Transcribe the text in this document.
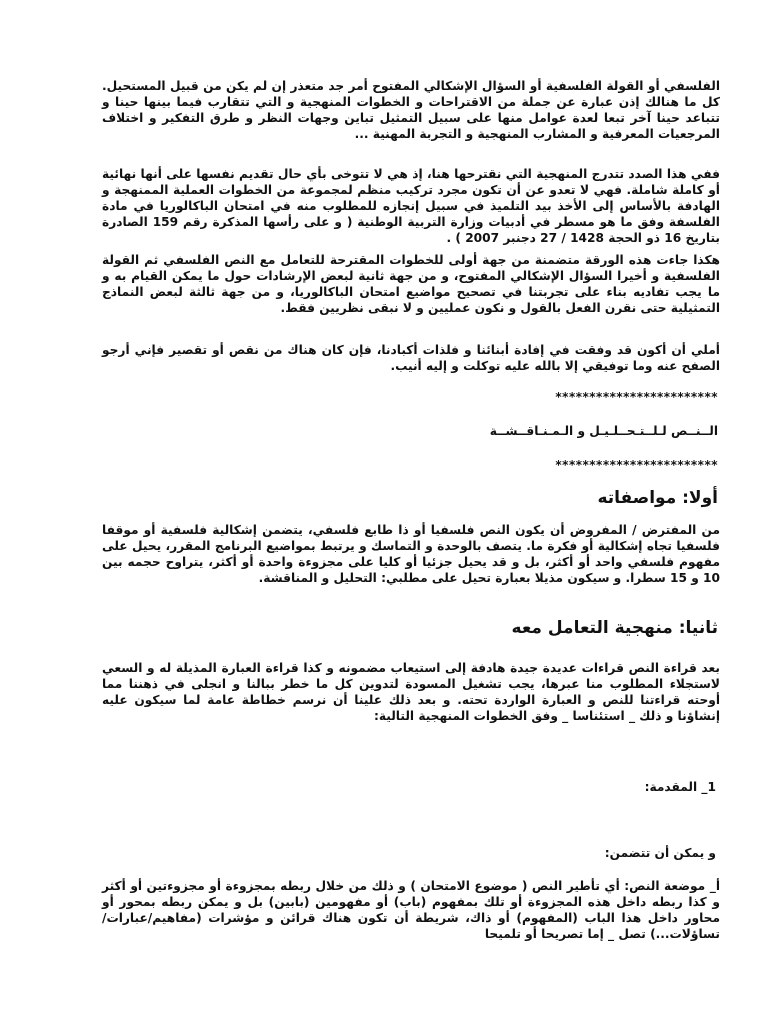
الفلسفي أو القولة الفلسفية أو السؤال الإشكالي المفتوح أمر جد متعذر إن لم يكن من قبيل المستحيل. كل ما هنالك إذن عبارة عن جملة من الاقتراحات و الخطوات المنهجية و التي تتقارب فيما بينها حينا و تتباعد حينا آخر تبعا لعدة عوامل منها على سبيل التمثيل تباين وجهات النظر و طرق التفكير و اختلاف المرجعيات المعرفية و المشارب المنهجية و التجربة المهنية ...

ففي هذا الصدد تتدرج المنهجية التي نقترحها هنا، إذ هي لا تتوخى بأي حال تقديم نفسها على أنها نهائية أو كاملة شاملة. فهي لا تعدو عن أن تكون مجرد تركيب منظم لمجموعة من الخطوات العملية الممنهجة و الهادفة بالأساس إلى الأخذ بيد التلميذ في سبيل إنجازه للمطلوب منه في امتحان الباكالوريا في مادة الفلسفة وفق ما هو مسطر في أدبيات وزارة التربية الوطنية ( و على رأسها المذكرة رقم 159 الصادرة بتاريخ 16 ذو الحجة 1428 / 27 دجنبر 2007 ) .

هكذا جاءت هذه الورقة متضمنة من جهة أولى للخطوات المقترحة للتعامل مع النص الفلسفي ثم القولة الفلسفية و أخيرا السؤال الإشكالي المفتوح، و من جهة ثانية لبعض الإرشادات حول ما يمكن القيام به و ما يجب تفاديه بناء على تجربتنا في تصحيح مواضيع امتحان الباكالوريا، و من جهة ثالثة لبعض النماذج التمثيلية حتى نقرن الفعل بالقول و نكون عمليين و لا نبقى نظريين فقط.

أملي أن أكون قد وفقت في إفادة أبنائنا و فلذات أكبادنا، فإن كان هناك من نقص أو تقصير فإني أرجو الصفح عنه وما توفيقي إلا بالله عليه توكلت و إليه أنيب.

************************
الــنــص لـلــتـحــلـيـل و الـمـنـاقــشــة
************************
أولا: مواصفاته

من المفترض / المفروض أن يكون النص فلسفيا أو ذا طابع فلسفي، يتضمن إشكالية فلسفية أو موقفا فلسفيا تجاه إشكالية أو فكرة ما. يتصف بالوحدة و التماسك و يرتبط بمواضيع البرنامج المقرر، يحيل على مفهوم فلسفي واحد أو أكثر، بل و قد يحيل جزئيا أو كليا على مجزوءة واحدة أو أكثر، يتراوح حجمه بين 10 و 15 سطرا. و سيكون مذيلا بعبارة تحيل على مطلبي: التحليل و المناقشة.

ثانيا: منهجية التعامل معه

بعد قراءة النص قراءات عديدة جيدة هادفة إلى استيعاب مضمونه و كذا قراءة العبارة المذيلة له و السعي لاستجلاء المطلوب منا عبرها، يجب تشغيل المسودة لتدوين كل ما خطر ببالنا و انجلى في ذهننا مما أوحته قراءتنا للنص و العبارة الواردة تحته. و بعد ذلك علينا أن نرسم خطاطة عامة لما سيكون عليه إنشاؤنا و ذلك _ استئناسا _ وفق الخطوات المنهجية التالية:

1_ المقدمة:
و يمكن أن تتضمن:

أ_ موضعة النص: أي تأطير النص ( موضوع الامتحان ) و ذلك من خلال ربطه بمجزوءة أو مجزوءتين أو أكثر و كذا ربطه داخل هذه المجزوءة أو تلك بمفهوم (باب) أو مفهومين (بابين) بل و يمكن ربطه بمحور أو محاور داخل هذا الباب (المفهوم) أو ذاك، شريطة أن تكون هناك قرائن و مؤشرات (مفاهيم/عبارات/تساؤلات...) تصل _ إما تصريحا أو تلميحا
